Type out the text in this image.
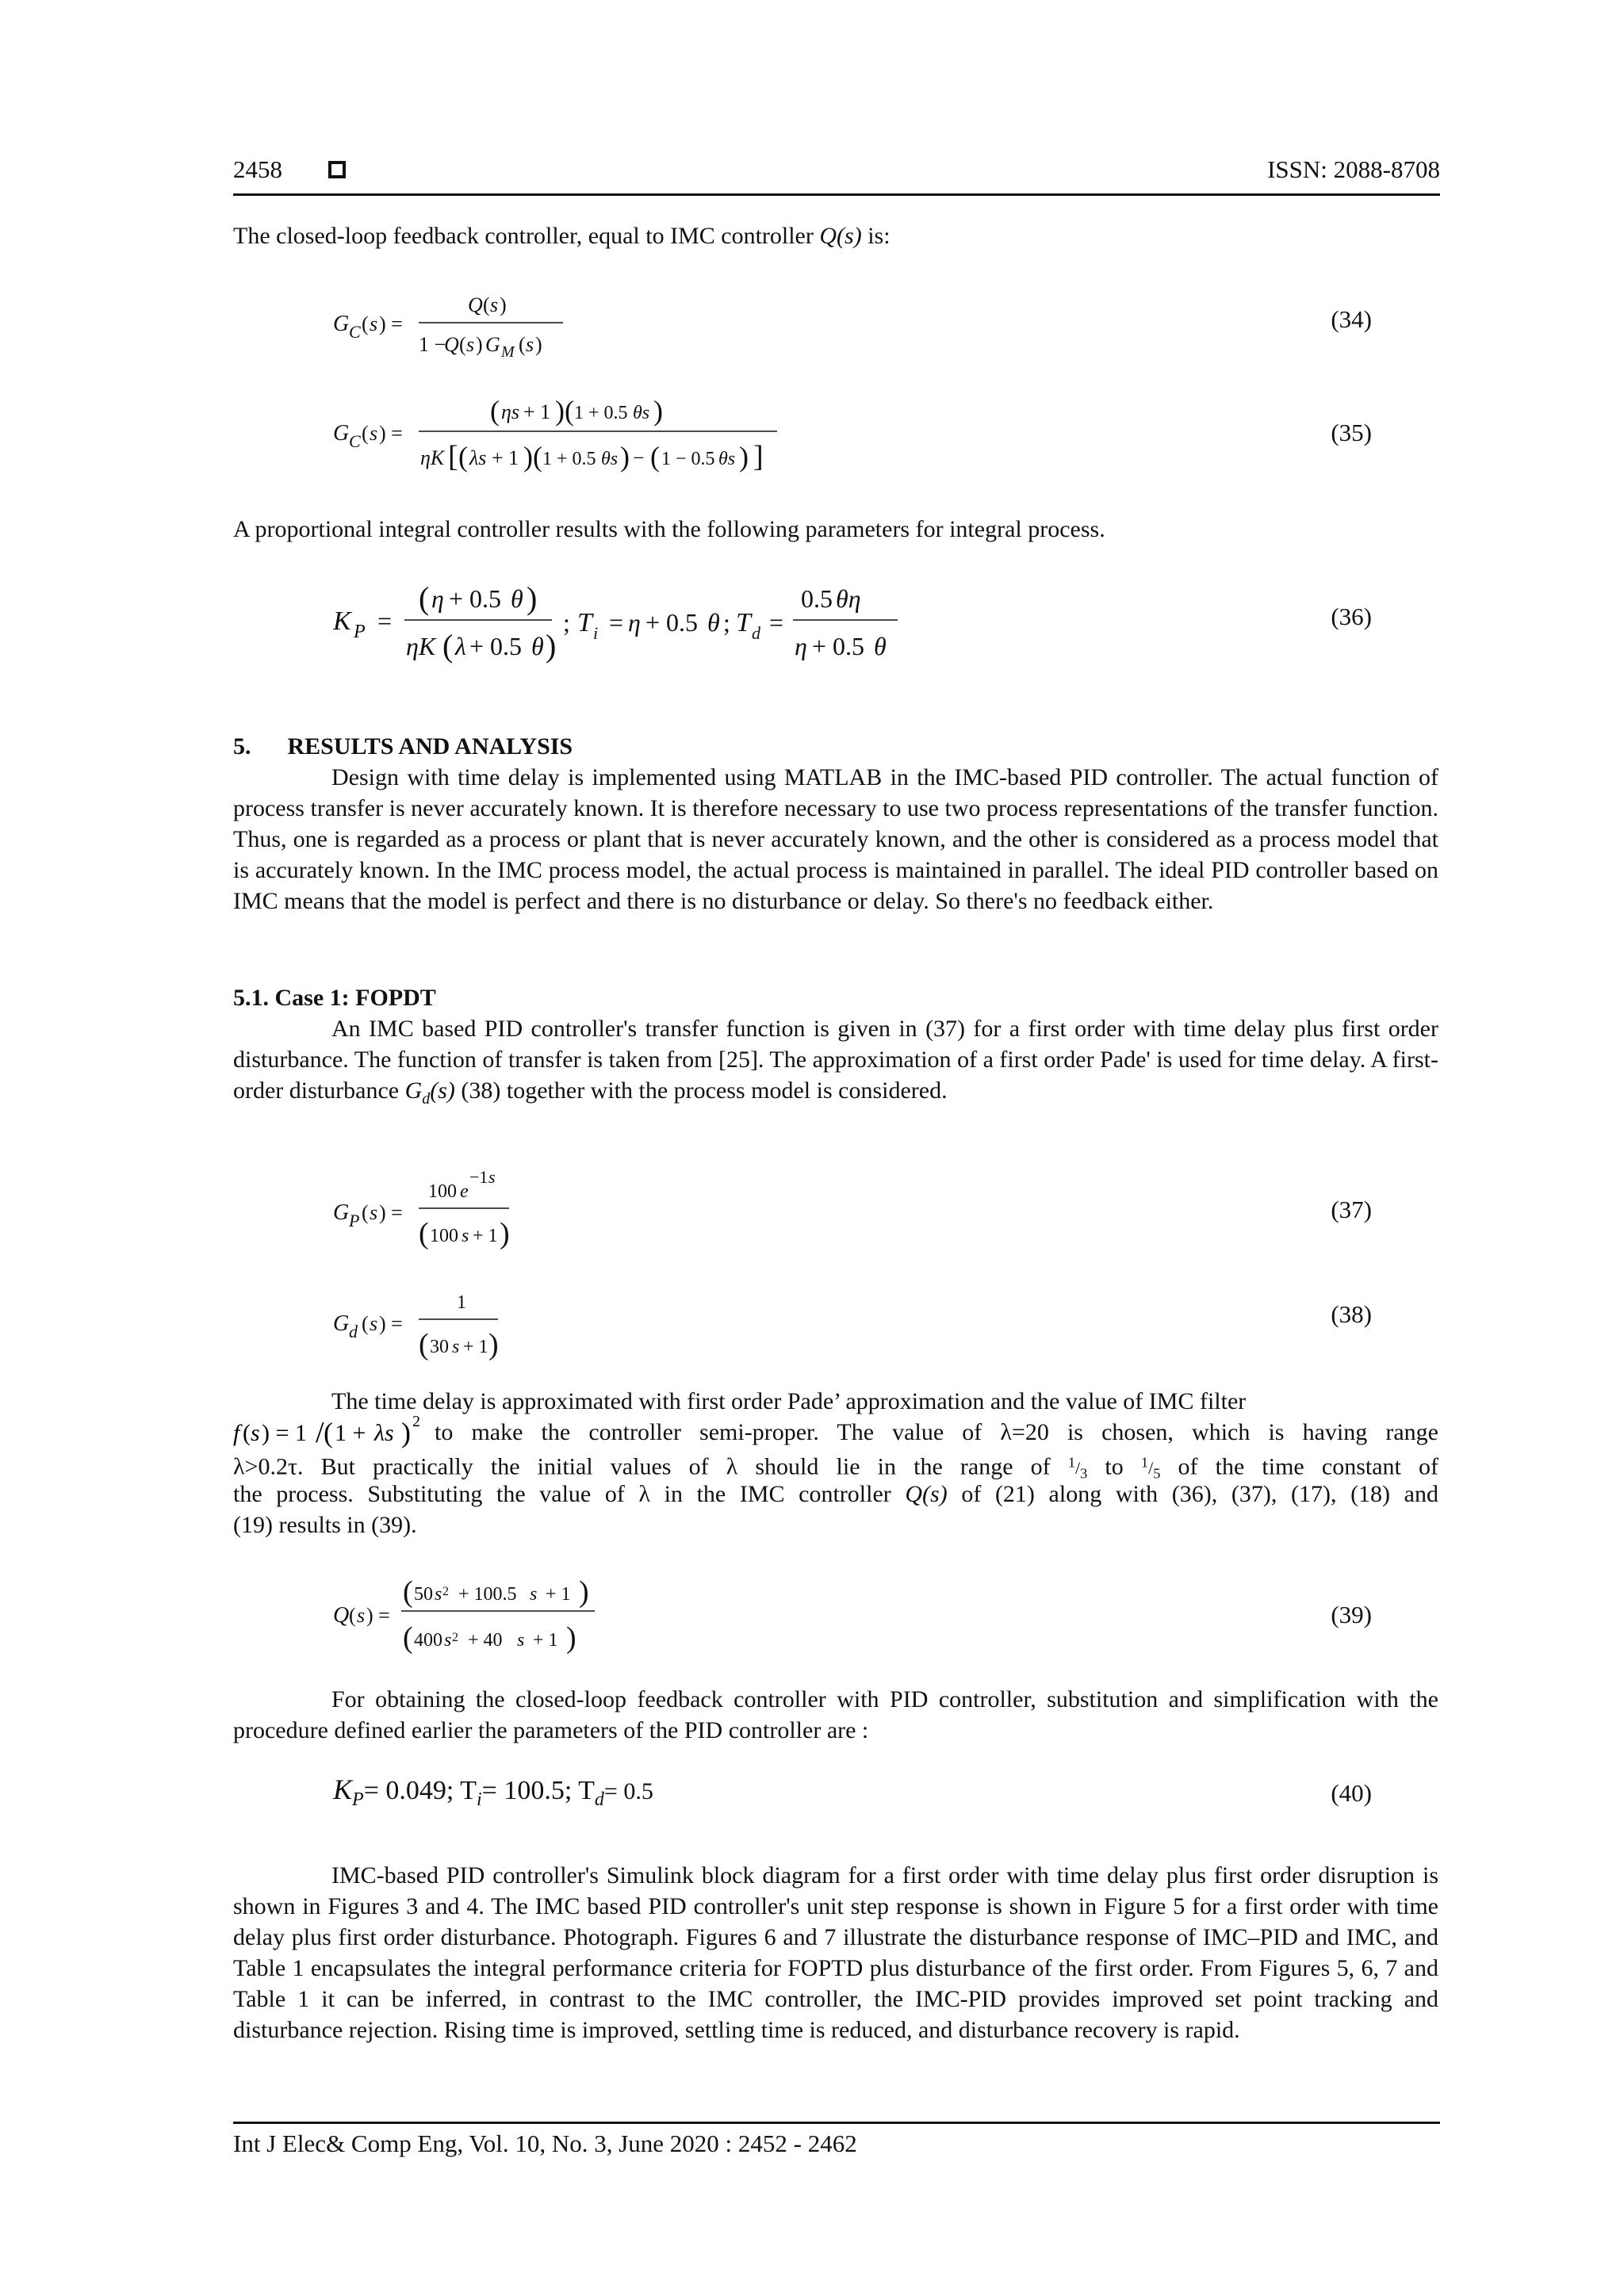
2458	ISSN: 2088-8708
The closed-loop feedback controller, equal to IMC controller Q(s) is:
G C ( s ) =
Q ( s )
1 −
Q ( s ) G M ( s )
(34)
G C ( s ) =
( ηs + 1 )( 1 + 0.5 θs )
ηK [ ( λs + 1 )( 1 + 0.5 θs ) − ( 1 − 0.5 θs ) ]
(35)
A proportional integral controller results with the following parameters for integral process.
K P =
( η + 0.5 θ )
ηK ( λ + 0.5 θ )
; T i = η + 0.5 θ ; T d =
0.5 θη
η + 0.5 θ
(36)
5. RESULTS AND ANALYSIS
Design with time delay is implemented using MATLAB in the IMC-based PID controller. The actual function of process transfer is never accurately known. It is therefore necessary to use two process representations of the transfer function. Thus, one is regarded as a process or plant that is never accurately known, and the other is considered as a process model that is accurately known. In the IMC process model, the actual process is maintained in parallel. The ideal PID controller based on IMC means that the model is perfect and there is no disturbance or delay. So there's no feedback either.
5.1. Case 1: FOPDT
An IMC based PID controller's transfer function is given in (37) for a first order with time delay plus first order disturbance. The function of transfer is taken from [25]. The approximation of a first order Pade' is used for time delay. A first-order disturbance $G_d(s)$ (38) together with the process model is considered.
G P ( s ) =
100 e
−1 s
( 100 s + 1 )
(37)
G d ( s ) =
1
( 30 s + 1 )
(38)
The time delay is approximated with first order Pade’ approximation and the value of IMC filter
f ( s ) = 1 / ( 1 + λs ) 2 to make the controller semi-proper. The value of λ=20 is chosen, which is having range
λ>0.2τ. But practically the initial values of λ should lie in the range of $^1/_3$ to $^1/_5$ of the time constant of
the process. Substituting the value of λ in the IMC controller Q(s) of (21) along with (36), (37), (17), (18) and
(19) results in (39).
Q ( s ) =
( 50 s 2 + 100.5 s + 1 )
( 400 s 2 + 40 s + 1 )
(39)
For obtaining the closed-loop feedback controller with PID controller, substitution and simplification with the procedure defined earlier the parameters of the PID controller are :
$K_P= 0.049$; $T_i= 100.5$; $T_d= 0.5$	(40)
IMC-based PID controller's Simulink block diagram for a first order with time delay plus first order disruption is shown in Figures 3 and 4. The IMC based PID controller's unit step response is shown in Figure 5 for a first order with time delay plus first order disturbance. Photograph. Figures 6 and 7 illustrate the disturbance response of IMC–PID and IMC, and Table 1 encapsulates the integral performance criteria for FOPTD plus disturbance of the first order. From Figures 5, 6, 7 and Table 1 it can be inferred, in contrast to the IMC controller, the IMC-PID provides improved set point tracking and disturbance rejection. Rising time is improved, settling time is reduced, and disturbance recovery is rapid.
Int J Elec& Comp Eng, Vol. 10, No. 3, June 2020 : 2452 - 2462
